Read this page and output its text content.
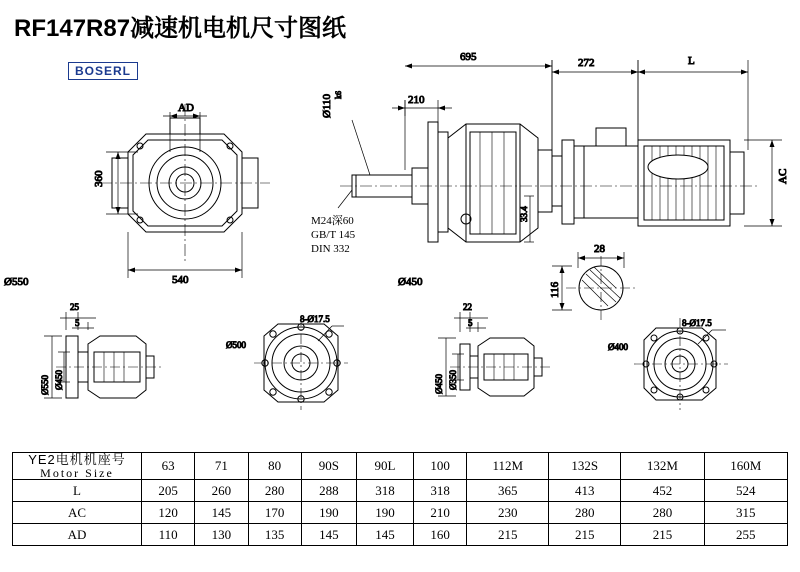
RF147R87减速机电机尺寸图纸
BOSERL
AD
360
540
695
210
272	L
AC
Ø110 k6
33.4
28
116
25
5
Ø550 Ø450
Ø550
8-Ø17.5
Ø500
22
5
Ø450 Ø350
Ø450
8-Ø17.5
Ø400
M24深60
GB/T 145
DIN 332
YE2电机机座号
Motor Size	63	71	80	90S	90L	100	112M	132S	132M	160M
L	205	260	280	288	318	318	365	413	452	524
AC	120	145	170	190	190	210	230	280	280	315
AD	110	130	135	145	145	160	215	215	215	255
